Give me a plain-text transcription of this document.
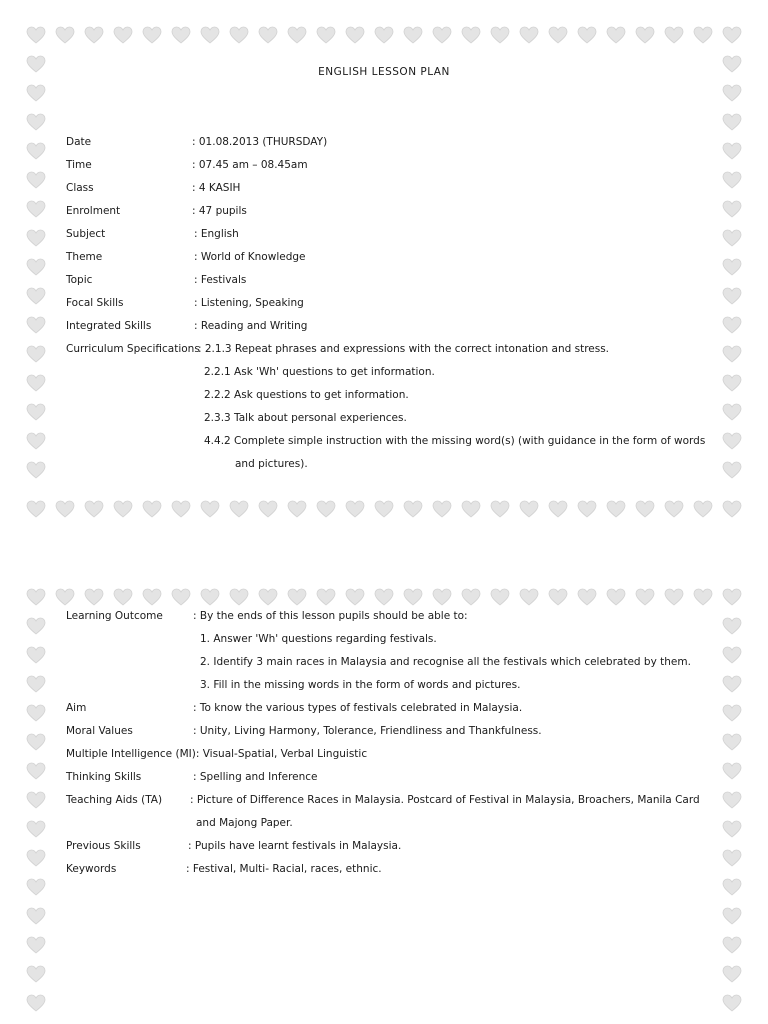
ENGLISH LESSON PLAN
Date	: 01.08.2013 (THURSDAY)
Time	: 07.45 am – 08.45am
Class	: 4 KASIH
Enrolment	: 47 pupils
Subject	: English
Theme	: World of Knowledge
Topic	: Festivals
Focal Skills	: Listening, Speaking
Integrated Skills	: Reading and Writing
Curriculum Specifications
: 2.1.3 Repeat phrases and expressions with the correct intonation and stress.
2.2.1 Ask 'Wh' questions to get information.
2.2.2 Ask questions to get information.
2.3.3 Talk about personal experiences.
4.4.2 Complete simple instruction with the missing word(s) (with guidance in the form of words
and pictures).
Learning Outcome	: By the ends of this lesson pupils should be able to:
1. Answer 'Wh' questions regarding festivals.
2. Identify 3 main races in Malaysia and recognise all the festivals which celebrated by them.
3. Fill in the missing words in the form of words and pictures.
Aim	: To know the various types of festivals celebrated in Malaysia.
Moral Values	: Unity, Living Harmony, Tolerance, Friendliness and Thankfulness.
Multiple Intelligence (MI): Visual-Spatial, Verbal Linguistic
Thinking Skills	: Spelling and Inference
Teaching Aids (TA)	: Picture of Difference Races in Malaysia. Postcard of Festival in Malaysia, Broachers, Manila Card
and Majong Paper.
Previous Skills	: Pupils have learnt festivals in Malaysia.
Keywords	: Festival, Multi- Racial, races, ethnic.
